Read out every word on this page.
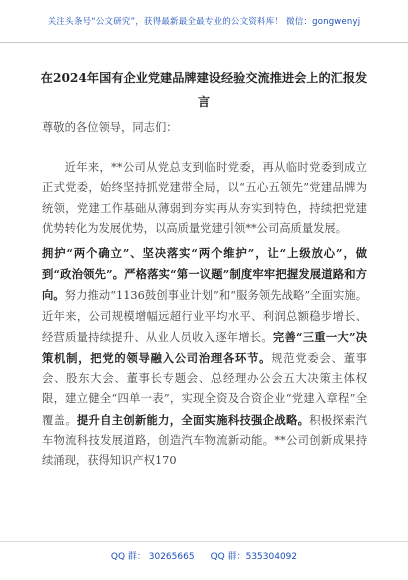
关注头条号“公文研究”，获得最新最全最专业的公文资料库！ 微信：gongwenyj
在2024年国有企业党建品牌建设经验交流推进会上的汇报发言

尊敬的各位领导，同志们：

近年来，**公司从党总支到临时党委，再从临时党委到成立正式党委，始终坚持抓党建带全局，以“五心五领先”党建品牌为统领，党建工作基础从薄弱到夯实再从夯实到特色，持续把党建优势转化为发展优势，以高质量党建引领**公司高质量发展。

拥护“两个确立”、坚决落实“两个维护”，让“上级放心”，做到“政治领先”。严格落实“第一议题”制度牢牢把握发展道路和方向。努力推动“1136鼓创事业计划”和“服务领先战略”全面实施。近年来，公司规模增幅远超行业平均水平、利润总额稳步增长、经营质量持续提升、从业人员收入逐年增长。完善“三重一大”决策机制，把党的领导融入公司治理各环节。规范党委会、董事会、股东大会、董事长专题会、总经理办公会五大决策主体权限，建立健全“四单一表”，实现全资及合资企业“党建入章程”全覆盖。提升自主创新能力，全面实施科技强企战略。积极探索汽车物流科技发展道路，创造汽车物流新动能。**公司创新成果持续涌现，获得知识产权170

QQ 群： 30265665 QQ 群：535304092
